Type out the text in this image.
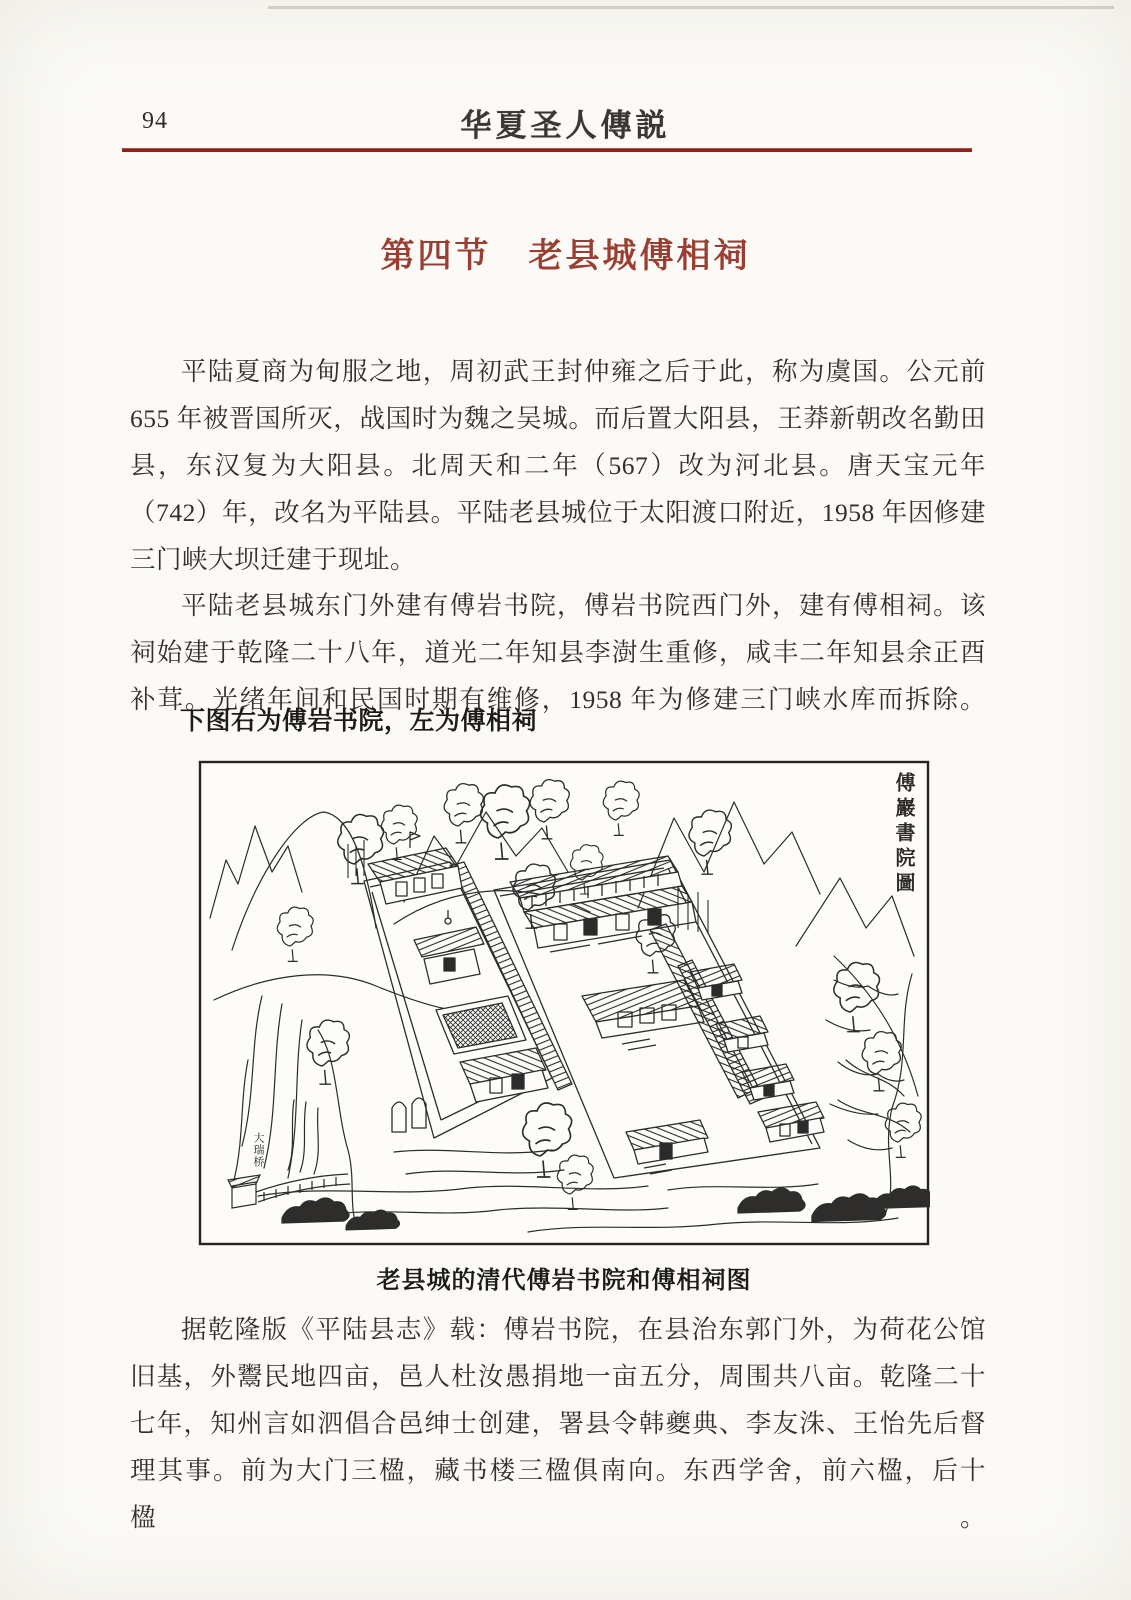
94	华夏圣人傳説
第四节　老县城傅相祠
平陆夏商为甸服之地，周初武王封仲雍之后于此，称为虞国。公元前
655 年被晋国所灭，战国时为魏之吴城。而后置大阳县，王莽新朝改名勤田
县，东汉复为大阳县。北周天和二年（567）改为河北县。唐天宝元年
（742）年，改名为平陆县。平陆老县城位于太阳渡口附近，1958 年因修建
三门峡大坝迁建于现址。
平陆老县城东门外建有傅岩书院，傅岩书院西门外，建有傅相祠。该
祠始建于乾隆二十八年，道光二年知县李澍生重修，咸丰二年知县余正酉
补茸。光绪年间和民国时期有维修，1958 年为修建三门峡水库而拆除。
下图右为傅岩书院，左为傅相祠
傅巖書院圖
大瑞桥
老县城的清代傅岩书院和傅相祠图
据乾隆版《平陆县志》载：傅岩书院，在县治东郭门外，为荷花公馆
旧基，外鬻民地四亩，邑人杜汝愚捐地一亩五分，周围共八亩。乾隆二十
七年，知州言如泗倡合邑绅士创建，署县令韩夔典、李友洙、王怡先后督
理其事。前为大门三楹，藏书楼三楹俱南向。东西学舍，前六楹，后十楹。
